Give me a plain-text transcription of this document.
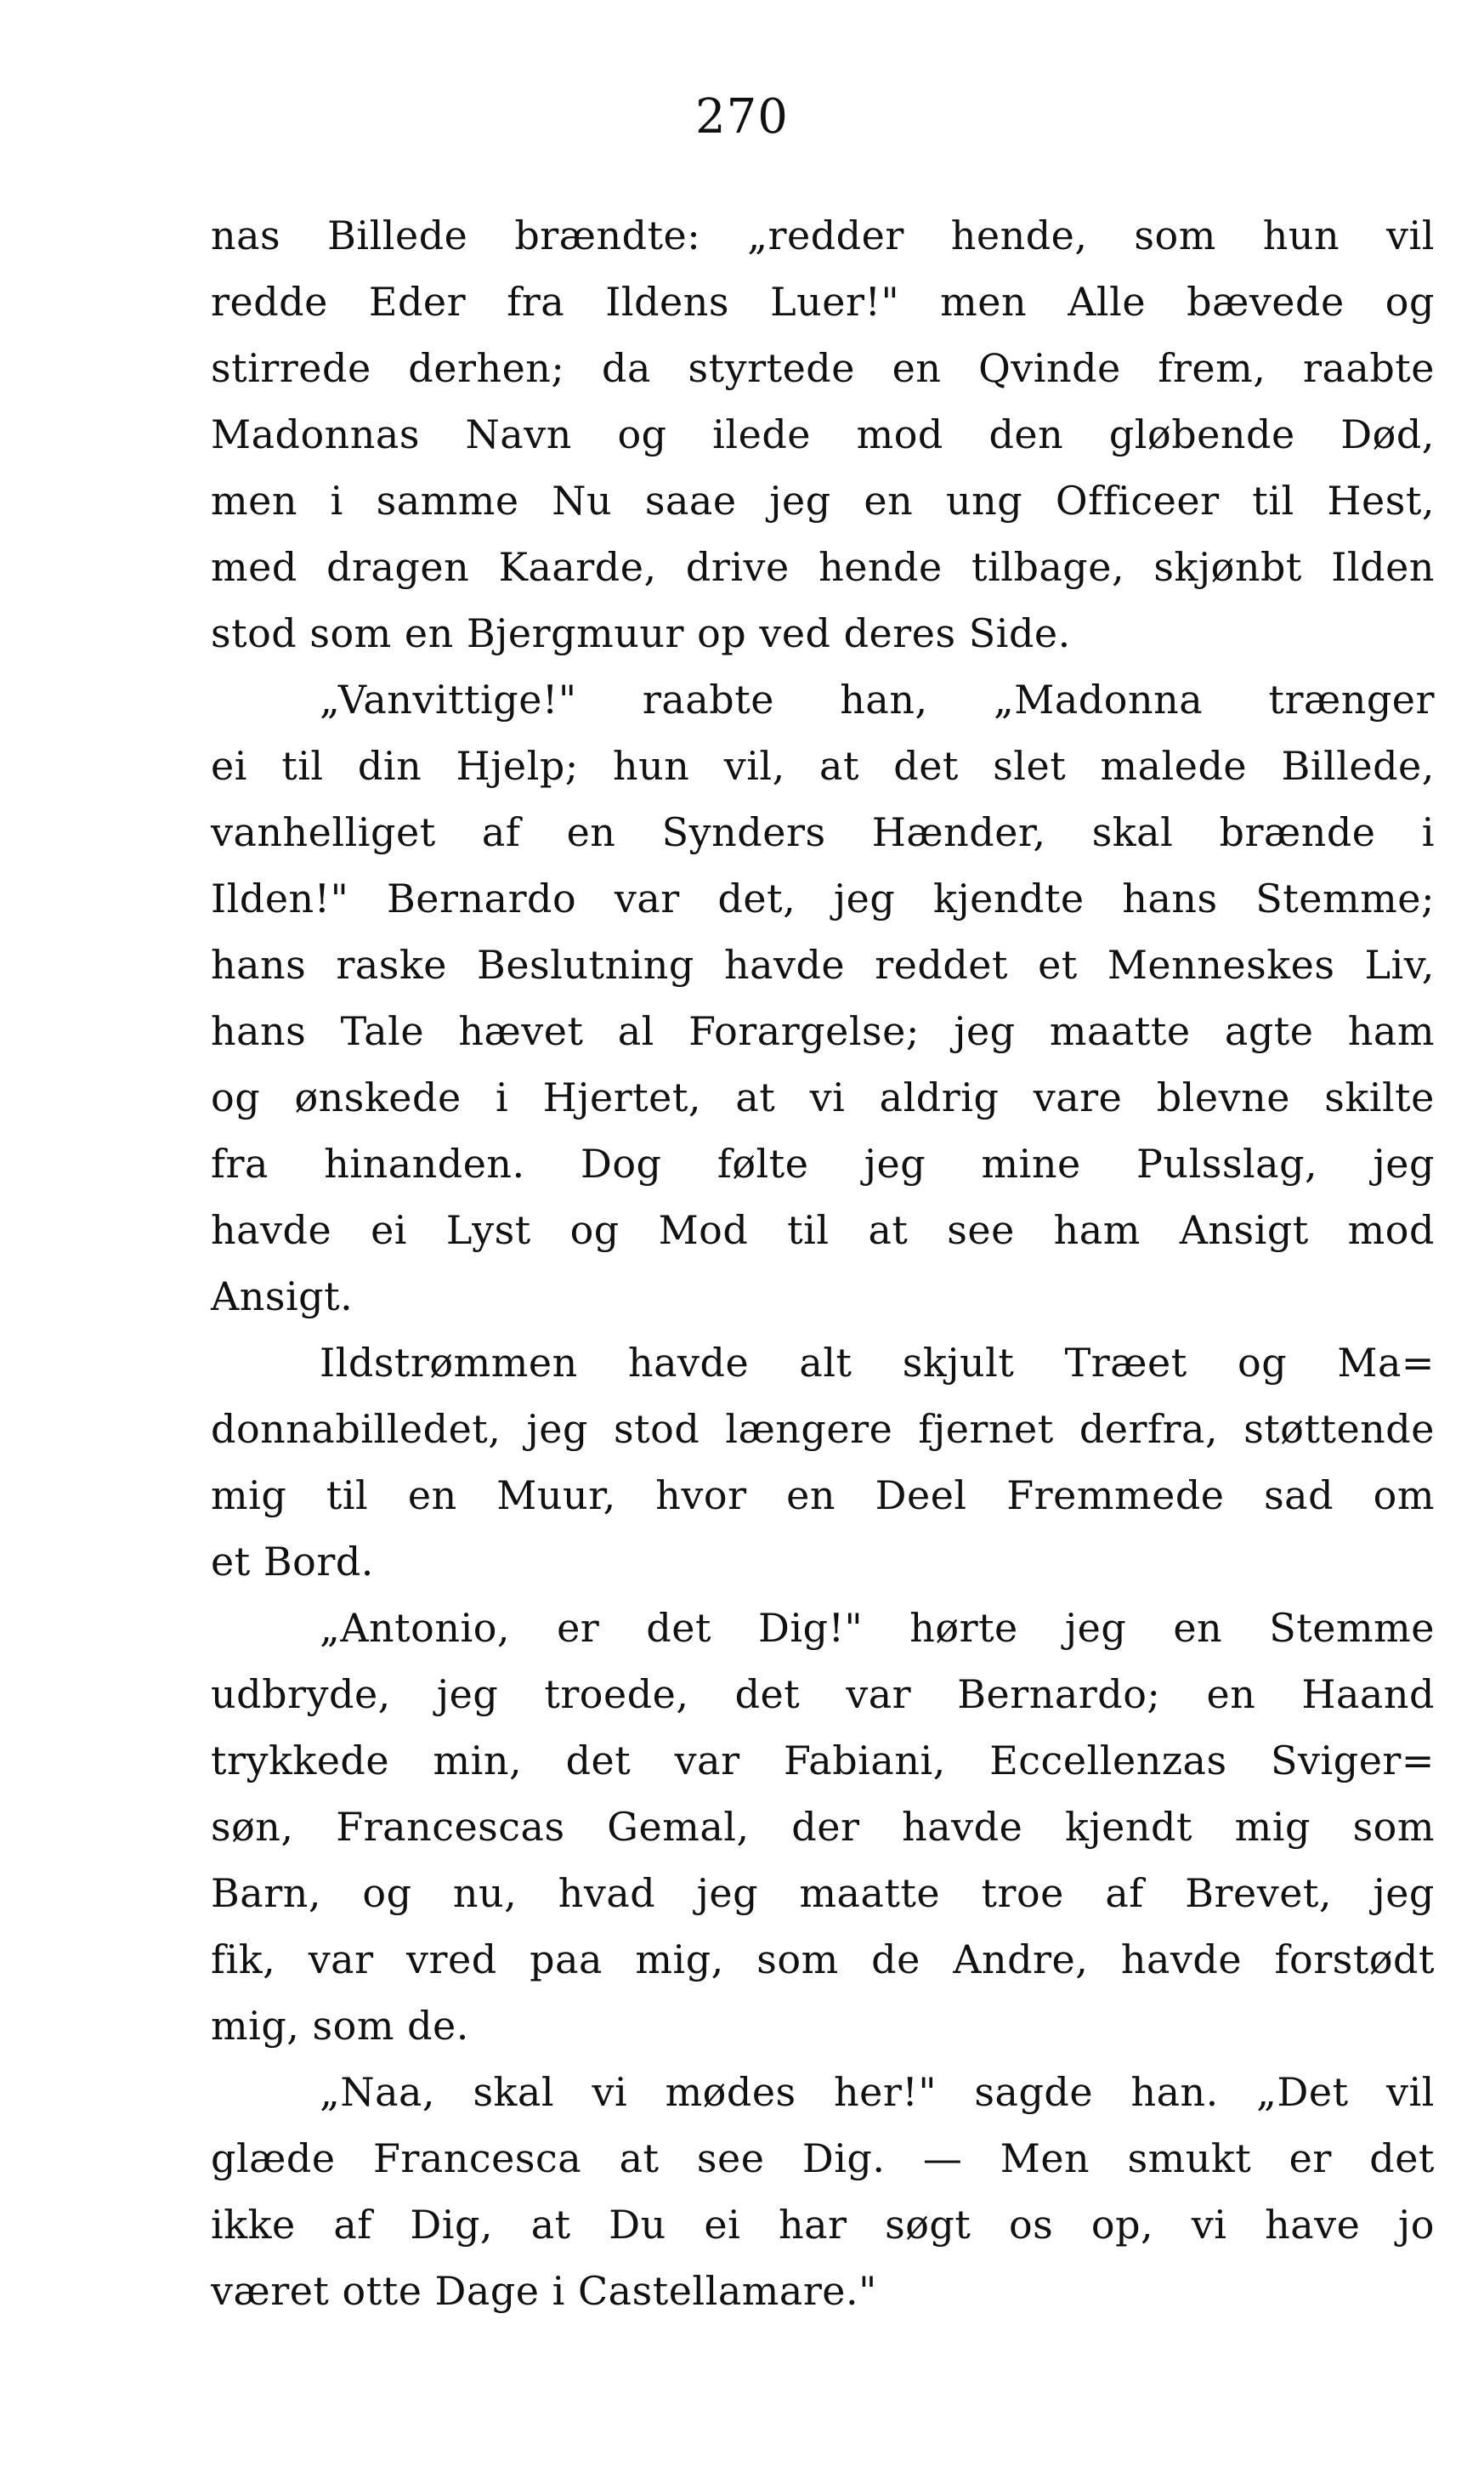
270
nas Billede brændte: „redder hende, som hun vil
redde Eder fra Ildens Luer!" men Alle bævede og
stirrede derhen; da styrtede en Qvinde frem, raabte
Madonnas Navn og ilede mod den gløbende Død,
men i samme Nu saae jeg en ung Officeer til Hest,
med dragen Kaarde, drive hende tilbage, skjønbt Ilden
stod som en Bjergmuur op ved deres Side.
„Vanvittige!" raabte han, „Madonna trænger
ei til din Hjelp; hun vil, at det slet malede Billede,
vanhelliget af en Synders Hænder, skal brænde i
Ilden!" Bernardo var det, jeg kjendte hans Stemme;
hans raske Beslutning havde reddet et Menneskes Liv,
hans Tale hævet al Forargelse; jeg maatte agte ham
og ønskede i Hjertet, at vi aldrig vare blevne skilte
fra hinanden. Dog følte jeg mine Pulsslag, jeg
havde ei Lyst og Mod til at see ham Ansigt mod
Ansigt.
Ildstrømmen havde alt skjult Træet og Ma=
donnabilledet, jeg stod længere fjernet derfra, støttende
mig til en Muur, hvor en Deel Fremmede sad om
et Bord.
„Antonio, er det Dig!" hørte jeg en Stemme
udbryde, jeg troede, det var Bernardo; en Haand
trykkede min, det var Fabiani, Eccellenzas Sviger=
søn, Francescas Gemal, der havde kjendt mig som
Barn, og nu, hvad jeg maatte troe af Brevet, jeg
fik, var vred paa mig, som de Andre, havde forstødt
mig, som de.
„Naa, skal vi mødes her!" sagde han. „Det vil
glæde Francesca at see Dig. — Men smukt er det
ikke af Dig, at Du ei har søgt os op, vi have jo
været otte Dage i Castellamare."
